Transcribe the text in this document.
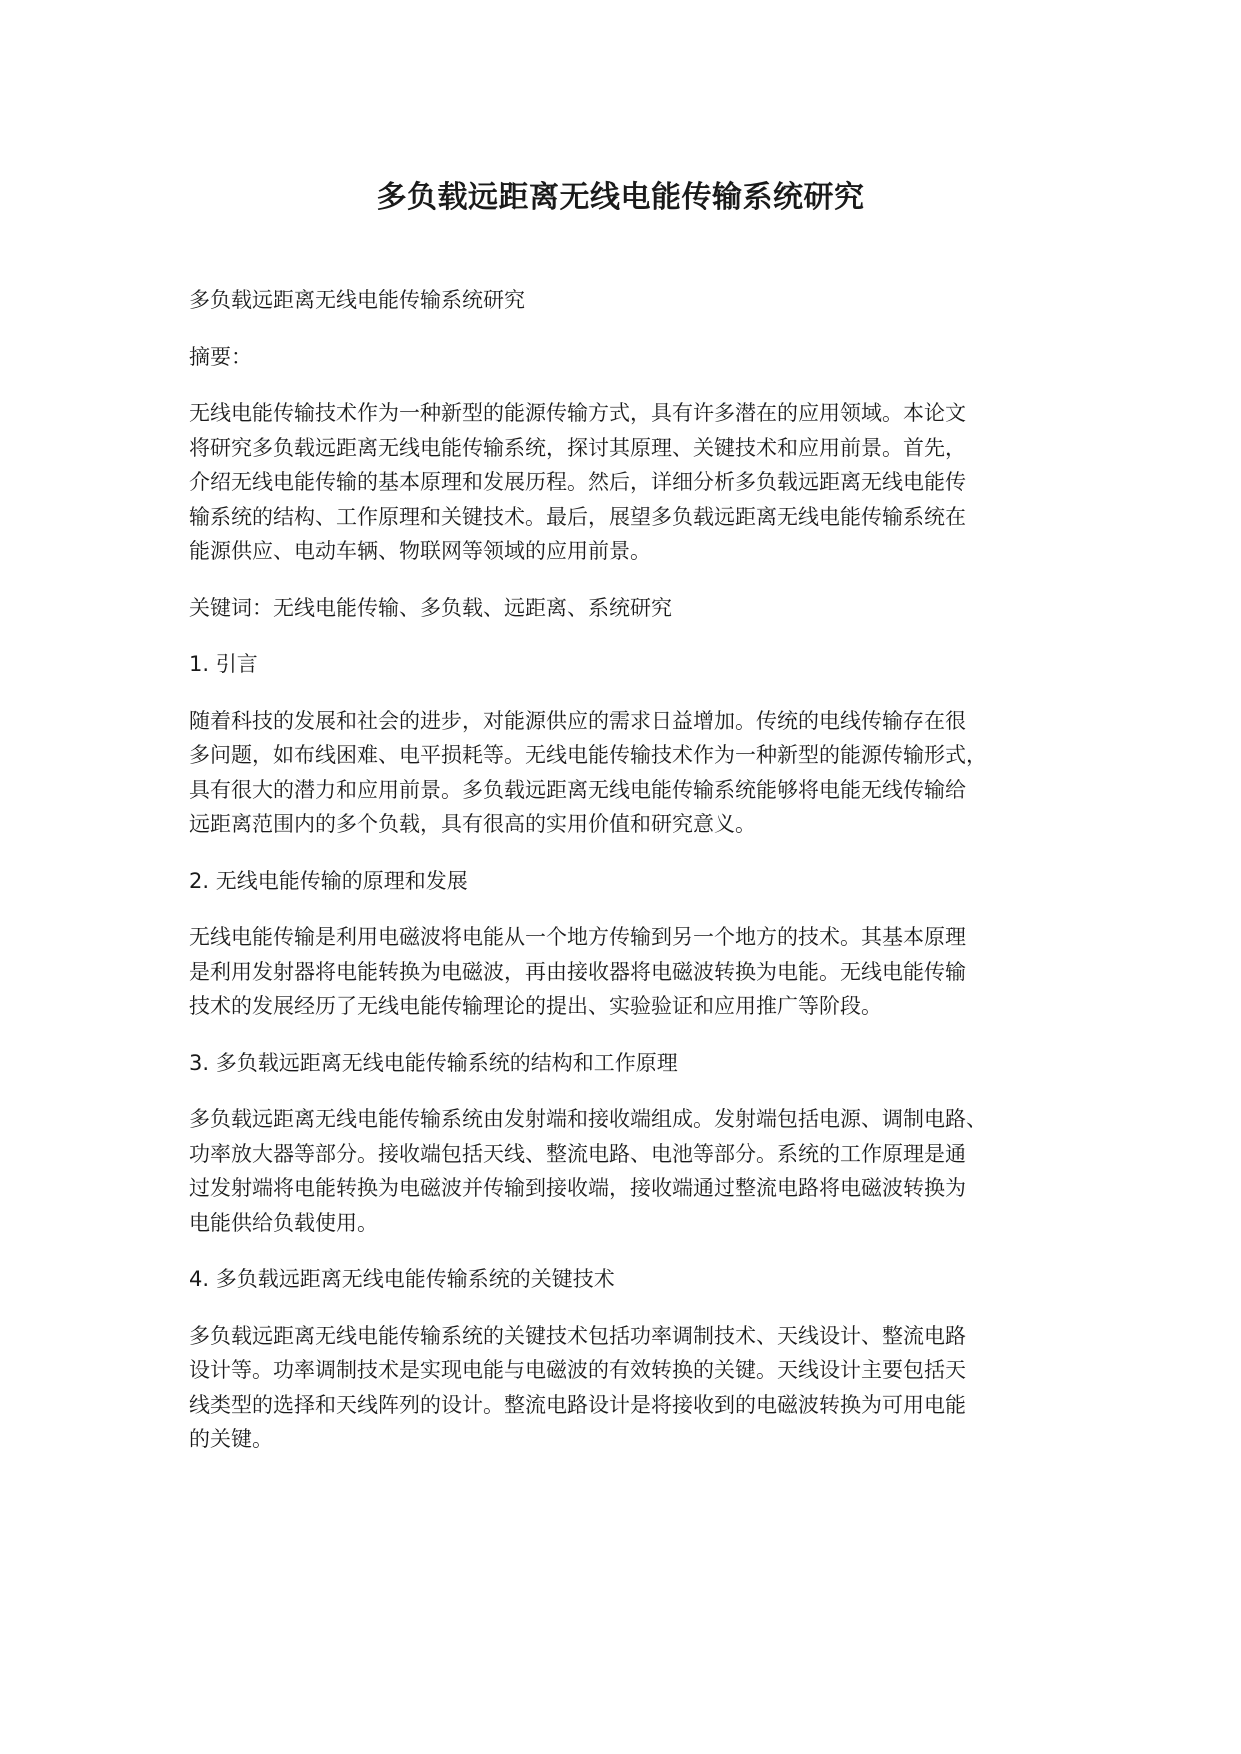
多负载远距离无线电能传输系统研究

多负载远距离无线电能传输系统研究

摘要：

无线电能传输技术作为一种新型的能源传输方式，具有许多潜在的应用领域。本论文
将研究多负载远距离无线电能传输系统，探讨其原理、关键技术和应用前景。首先，
介绍无线电能传输的基本原理和发展历程。然后，详细分析多负载远距离无线电能传
输系统的结构、工作原理和关键技术。最后，展望多负载远距离无线电能传输系统在
能源供应、电动车辆、物联网等领域的应用前景。

关键词：无线电能传输、多负载、远距离、系统研究

1. 引言

随着科技的发展和社会的进步，对能源供应的需求日益增加。传统的电线传输存在很
多问题，如布线困难、电平损耗等。无线电能传输技术作为一种新型的能源传输形式，
具有很大的潜力和应用前景。多负载远距离无线电能传输系统能够将电能无线传输给
远距离范围内的多个负载，具有很高的实用价值和研究意义。

2. 无线电能传输的原理和发展

无线电能传输是利用电磁波将电能从一个地方传输到另一个地方的技术。其基本原理
是利用发射器将电能转换为电磁波，再由接收器将电磁波转换为电能。无线电能传输
技术的发展经历了无线电能传输理论的提出、实验验证和应用推广等阶段。

3. 多负载远距离无线电能传输系统的结构和工作原理

多负载远距离无线电能传输系统由发射端和接收端组成。发射端包括电源、调制电路、
功率放大器等部分。接收端包括天线、整流电路、电池等部分。系统的工作原理是通
过发射端将电能转换为电磁波并传输到接收端，接收端通过整流电路将电磁波转换为
电能供给负载使用。

4. 多负载远距离无线电能传输系统的关键技术

多负载远距离无线电能传输系统的关键技术包括功率调制技术、天线设计、整流电路
设计等。功率调制技术是实现电能与电磁波的有效转换的关键。天线设计主要包括天
线类型的选择和天线阵列的设计。整流电路设计是将接收到的电磁波转换为可用电能
的关键。
